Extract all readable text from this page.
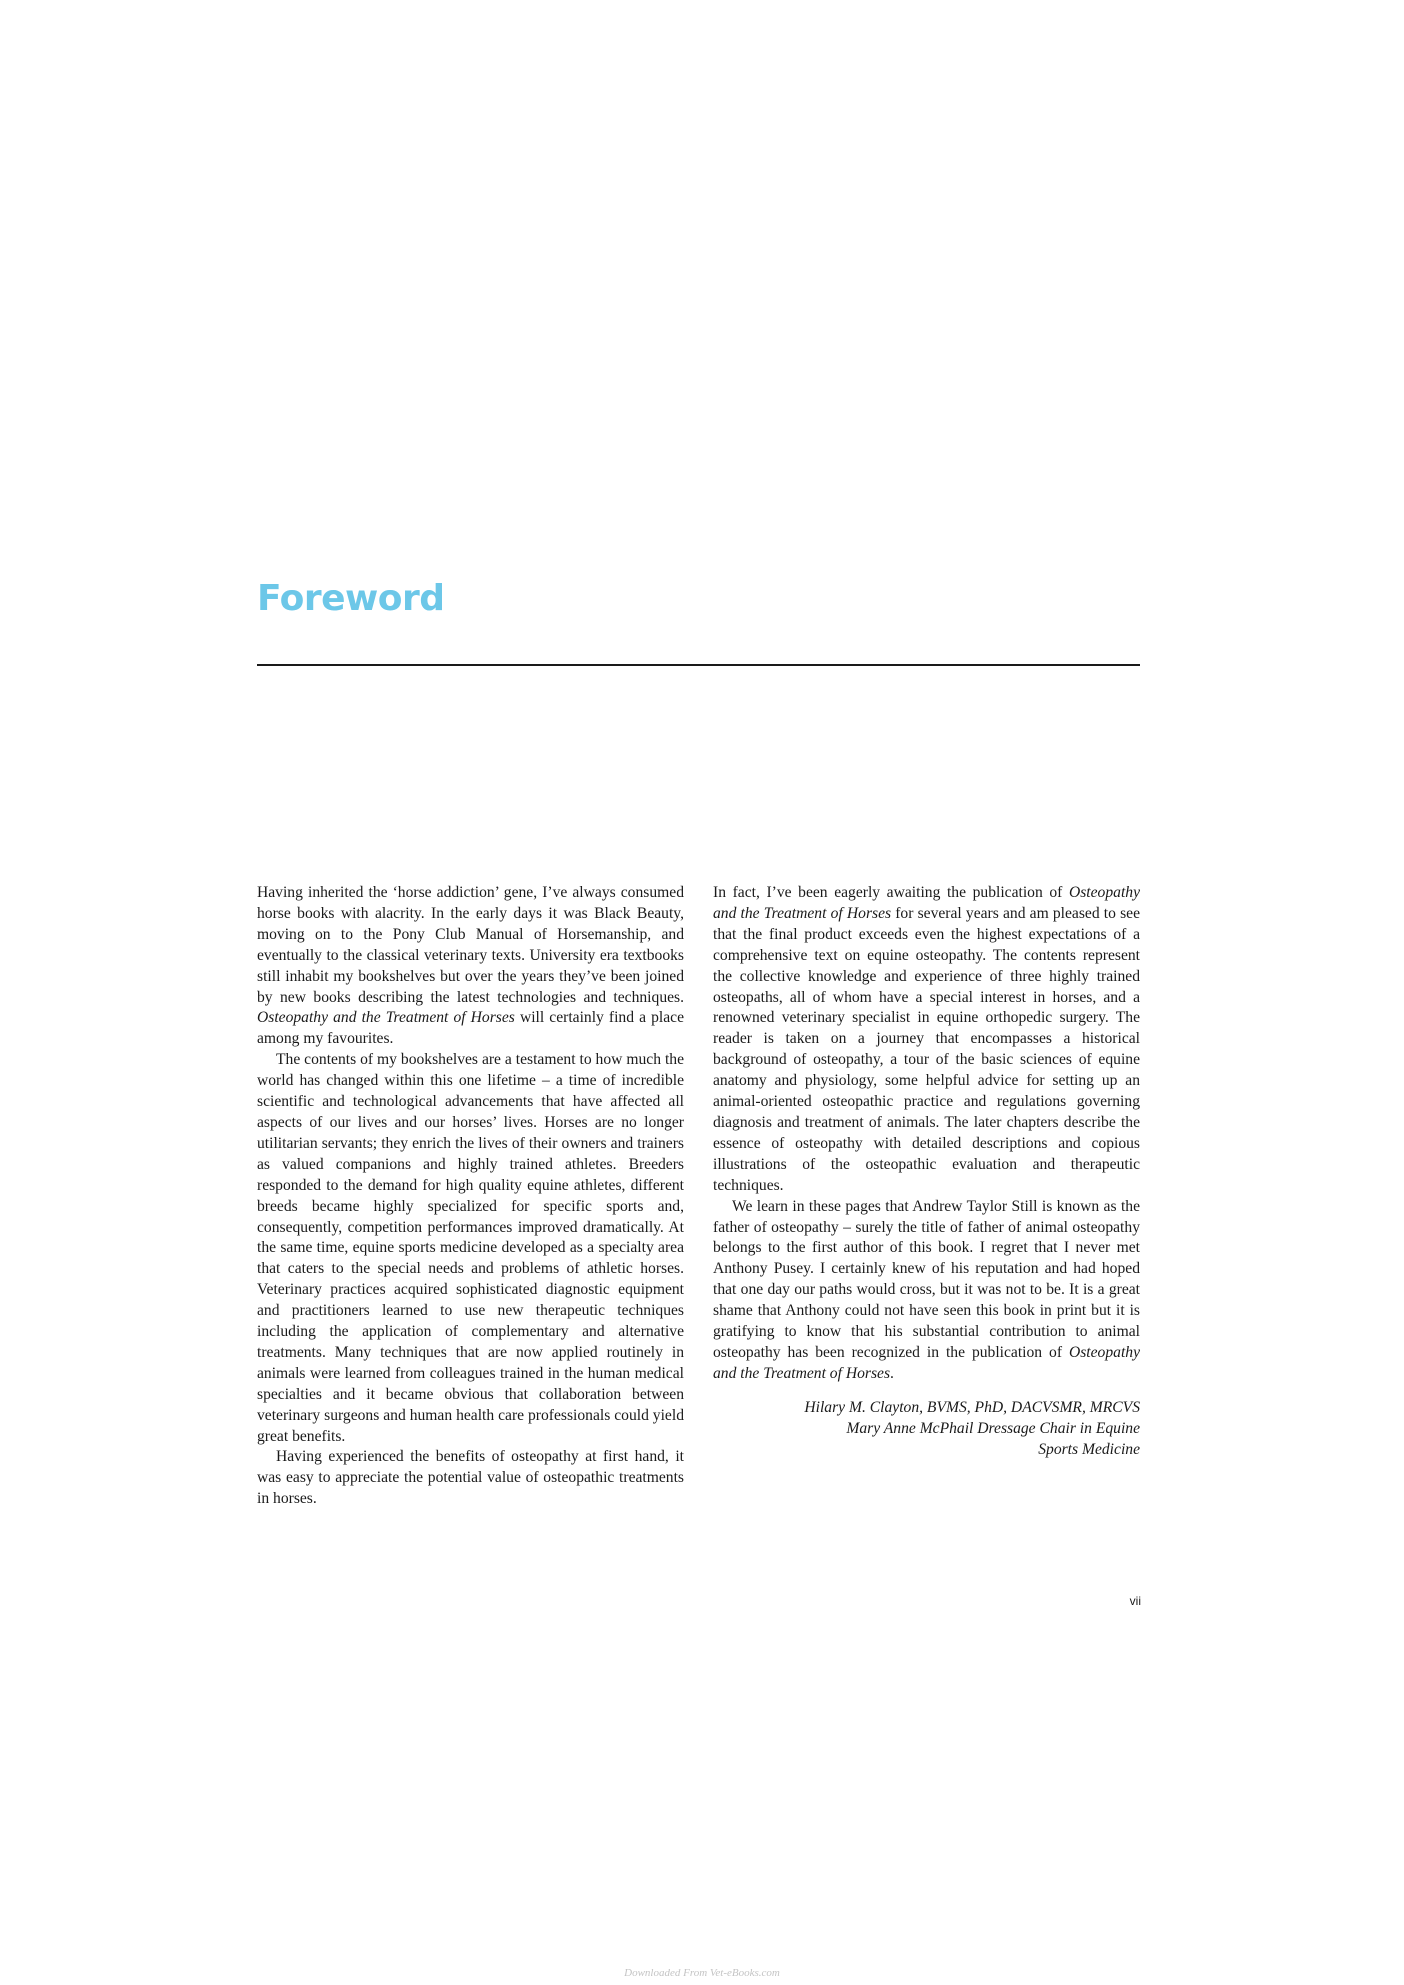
Foreword

Having inherited the ‘horse addiction’ gene, I’ve always consumed horse books with alacrity. In the early days it was Black Beauty, moving on to the Pony Club Manual of Horsemanship, and eventually to the classical veterinary texts. University era textbooks still inhabit my bookshelves but over the years they’ve been joined by new books describing the latest technologies and techniques. Osteopathy and the Treatment of Horses will certainly find a place among my favourites.

The contents of my bookshelves are a testament to how much the world has changed within this one lifetime – a time of incredible scientific and technological advancements that have affected all aspects of our lives and our horses’ lives. Horses are no longer utilitarian servants; they enrich the lives of their owners and trainers as valued companions and highly trained athletes. Breeders responded to the demand for high quality equine athletes, different breeds became highly specialized for specific sports and, consequently, competition performances improved dramatically. At the same time, equine sports medicine developed as a specialty area that caters to the special needs and problems of athletic horses. Veterinary practices acquired sophisticated diagnostic equipment and practitioners learned to use new therapeutic techniques including the application of complementary and alternative treatments. Many techniques that are now applied routinely in animals were learned from colleagues trained in the human medical specialties and it became obvious that collaboration between veterinary surgeons and human health care professionals could yield great benefits.

Having experienced the benefits of osteopathy at first hand, it was easy to appreciate the potential value of osteopathic treatments in horses.

In fact, I’ve been eagerly awaiting the publication of Osteopathy and the Treatment of Horses for several years and am pleased to see that the final product exceeds even the highest expectations of a comprehensive text on equine osteopathy. The contents represent the collective knowledge and experience of three highly trained osteopaths, all of whom have a special interest in horses, and a renowned veterinary specialist in equine orthopedic surgery. The reader is taken on a journey that encompasses a historical background of osteopathy, a tour of the basic sciences of equine anatomy and physiology, some helpful advice for setting up an animal-oriented osteopathic practice and regulations governing diagnosis and treatment of animals. The later chapters describe the essence of osteopathy with detailed descriptions and copious illustrations of the osteopathic evaluation and therapeutic techniques.

We learn in these pages that Andrew Taylor Still is known as the father of osteopathy – surely the title of father of animal osteopathy belongs to the first author of this book. I regret that I never met Anthony Pusey. I certainly knew of his reputation and had hoped that one day our paths would cross, but it was not to be. It is a great shame that Anthony could not have seen this book in print but it is gratifying to know that his substantial contribution to animal osteopathy has been recognized in the publication of Osteopathy and the Treatment of Horses.

Hilary M. Clayton, BVMS, PhD, DACVSMR, MRCVS
Mary Anne McPhail Dressage Chair in Equine
Sports Medicine
vii
Downloaded From Vet-eBooks.com
